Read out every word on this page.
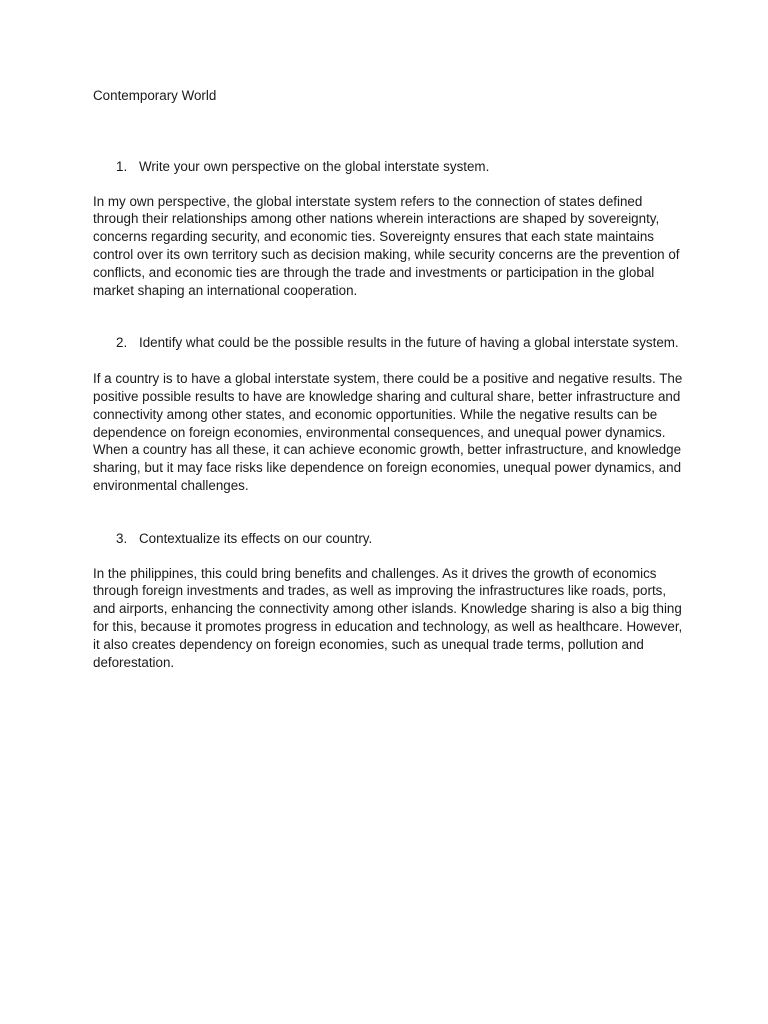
Contemporary World

1. Write your own perspective on the global interstate system.

In my own perspective, the global interstate system refers to the connection of states defined through their relationships among other nations wherein interactions are shaped by sovereignty, concerns regarding security, and economic ties. Sovereignty ensures that each state maintains control over its own territory such as decision making, while security concerns are the prevention of conflicts, and economic ties are through the trade and investments or participation in the global market shaping an international cooperation.

2. Identify what could be the possible results in the future of having a global interstate system.

If a country is to have a global interstate system, there could be a positive and negative results. The positive possible results to have are knowledge sharing and cultural share, better infrastructure and connectivity among other states, and economic opportunities. While the negative results can be dependence on foreign economies, environmental consequences, and unequal power dynamics. When a country has all these, it can achieve economic growth, better infrastructure, and knowledge sharing, but it may face risks like dependence on foreign economies, unequal power dynamics, and environmental challenges.

3. Contextualize its effects on our country.

In the philippines, this could bring benefits and challenges. As it drives the growth of economics through foreign investments and trades, as well as improving the infrastructures like roads, ports, and airports, enhancing the connectivity among other islands. Knowledge sharing is also a big thing for this, because it promotes progress in education and technology, as well as healthcare. However, it also creates dependency on foreign economies, such as unequal trade terms, pollution and deforestation.
